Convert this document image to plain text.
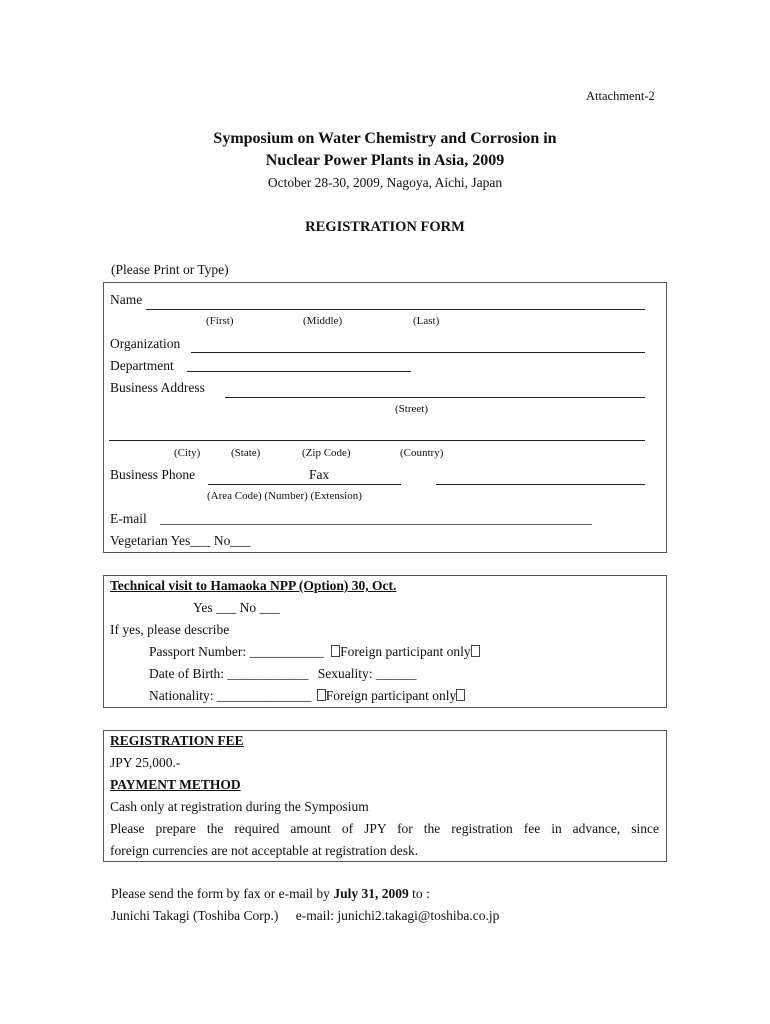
Attachment-2
Symposium on Water Chemistry and Corrosion in
Nuclear Power Plants in Asia, 2009
October 28-30, 2009, Nagoya, Aichi, Japan
REGISTRATION FORM
(Please Print or Type)
Name
(First)	(Middle)	(Last)
Organization
Department
Business Address
(Street)
(City)	(State)	(Zip Code)	(Country)
Business Phone	Fax
(Area Code) (Number) (Extension)
E-mail ________________________________________________________________
Vegetarian Yes___ No___
Technical visit to Hamaoka NPP (Option) 30, Oct.
Yes ___ No ___
If yes, please describe
Passport Number: ___________ Foreign participant only
Date of Birth: ____________ Sexuality: ______
Nationality: ______________ Foreign participant only
REGISTRATION FEE
JPY 25,000.-
PAYMENT METHOD
Cash only at registration during the Symposium
Please prepare the required amount of JPY for the registration fee in advance, since
foreign currencies are not acceptable at registration desk.
Please send the form by fax or e-mail by July 31, 2009 to :
Junichi Takagi (Toshiba Corp.) e-mail: junichi2.takagi@toshiba.co.jp
